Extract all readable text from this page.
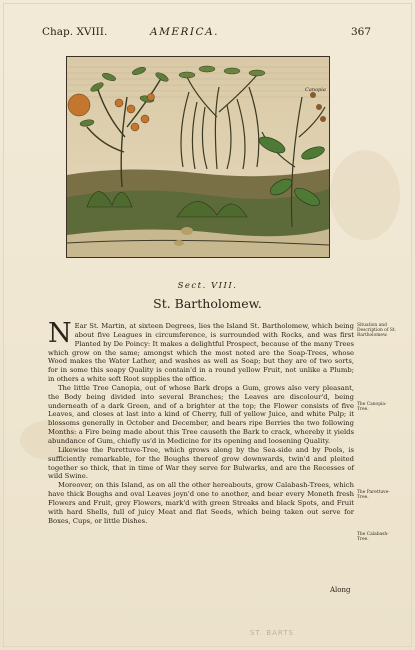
Chap. XVIII.	AMERICA.	367
Canopia
Sect. VIII.
St. Bartholomew.

N Ear St. Martin, at sixteen Degrees, lies the Island St. Bartholomew, which being about five Leagues in circumference, is surrounded with Rocks, and was first Planted by De Poincy: It makes a delightful Prospect, because of the many Trees which grow on the same; amongst which the most noted are the Soap-Trees, whose Wood makes the Water Lather, and washes as well as Soap; but they are of two sorts, for in some this soapy Quality is contain'd in a round yellow Fruit, not unlike a Plumb; in others a white soft Root supplies the office.

The little Tree Canopia, out of whose Bark drops a Gum, grows also very pleasant, the Body being divided into several Branches; the Leaves are discolour'd, being underneath of a dark Green, and of a brighter at the top; the Flower consists of five Leaves, and closes at last into a kind of Cherry, full of yellow Juice, and white Pulp; it blossoms generally in October and December, and bears ripe Berries the two following Months: a Fire being made about this Tree causeth the Bark to crack, whereby it yields abundance of Gum, chiefly us'd in Medicine for its opening and loosening Quality.

Likewise the Parettuve-Tree, which grows along by the Sea-side and by Pools, is sufficiently remarkable, for the Boughs thereof grow downwards, twin'd and pleited together so thick, that in time of War they serve for Bulwarks, and are the Recesses of wild Swine.

Moreover, on this Island, as on all the other hereabouts, grow Calabash-Trees, which have thick Boughs and oval Leaves joyn'd one to another, and bear every Moneth fresh Flowers and Fruit, grey Flowers, mark'd with green Streaks and black Spots, and Fruit with hard Shells, full of juicy Meat and flat Seeds, which being taken out serve for Boxes, Cups, or little Dishes.

Situation and Description of St. Bartholomew.
The Canopia-Tree.
The Parettuve-Tree.
The Calabash-Tree.
Along
ST. BARTS
